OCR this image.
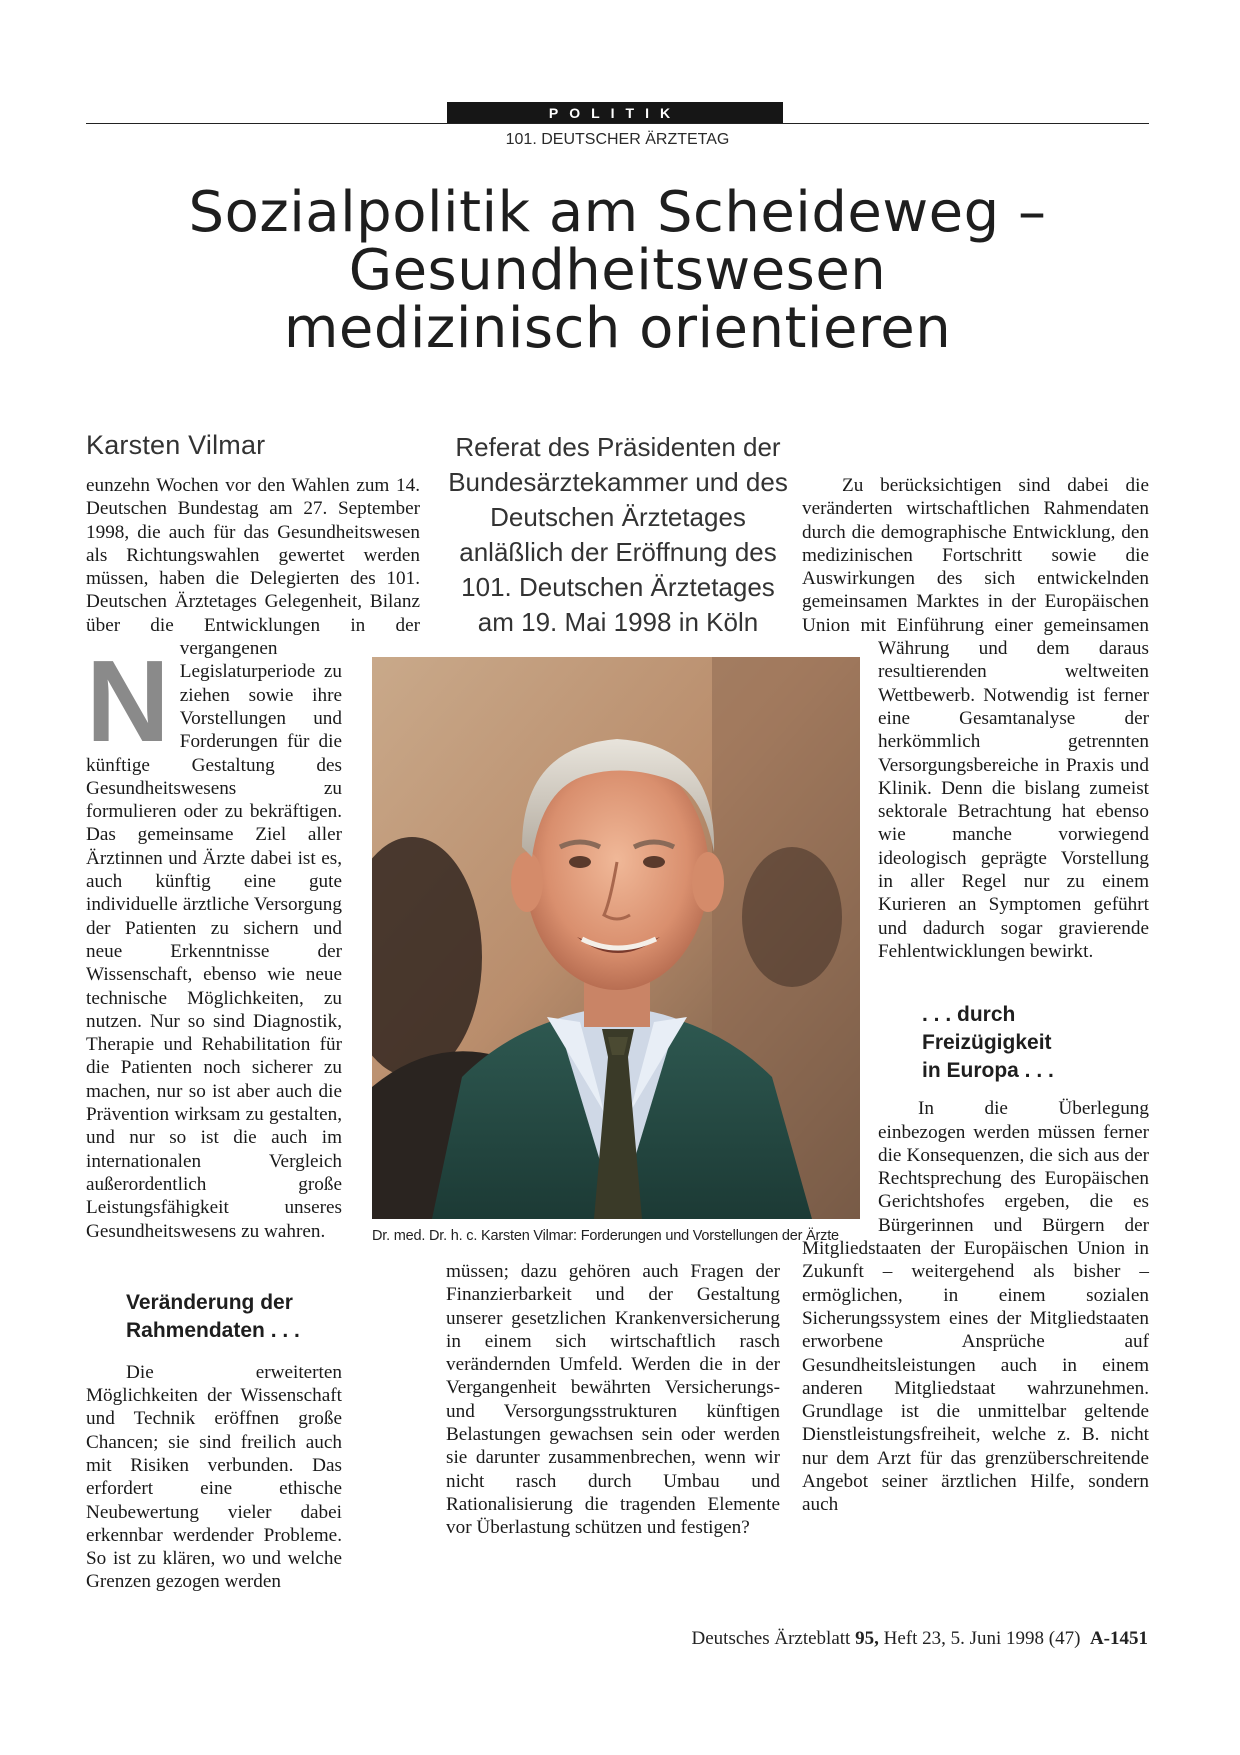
POLITIK
101. DEUTSCHER ÄRZTETAG
Sozialpolitik am Scheideweg –
Gesundheitswesen
medizinisch orientieren
Karsten Vilmar	Referat des Präsidenten der
Bundesärztekammer und des
Deutschen Ärztetages
anläßlich der Eröffnung des
101. Deutschen Ärztetages
am 19. Mai 1998 in Köln
N

eunzehn Wochen vor den Wahlen zum 14. Deutschen Bundestag am 27. September 1998, die auch für das Gesundheitswesen als Richtungswahlen gewertet werden müssen, haben die Delegierten des 101. Deutschen Ärztetages Gelegenheit, Bilanz über die Entwicklungen in der vergangenen Legislaturperiode zu ziehen sowie ihre Vorstellungen und Forderungen für die künftige Gestaltung des Gesundheitswesens zu formulieren oder zu bekräftigen. Das gemeinsame Ziel aller Ärztinnen und Ärzte dabei ist es, auch künftig eine gute individuelle ärztliche Versorgung der Patienten zu sichern und neue Erkenntnisse der Wissenschaft, ebenso wie neue technische Möglichkeiten, zu nutzen. Nur so sind Diagnostik, Therapie und Rehabilitation für die Patienten noch sicherer zu machen, nur so ist aber auch die Prävention wirksam zu gestalten, und nur so ist die auch im internationalen Vergleich außerordentlich große Leistungsfähigkeit unseres Gesundheitswesens zu wahren.

Veränderung der
Rahmendaten . . .

Die erweiterten Möglichkeiten der Wissenschaft und Technik eröffnen große Chancen; sie sind freilich auch mit Risiken verbunden. Das erfordert eine ethische Neubewertung vieler dabei erkennbar werdender Probleme. So ist zu klären, wo und welche Grenzen gezogen werden

müssen; dazu gehören auch Fragen der Finanzierbarkeit und der Gestaltung unserer gesetzlichen Krankenversicherung in einem sich wirtschaftlich rasch verändernden Umfeld. Werden die in der Vergangenheit bewährten Versicherungs- und Versorgungsstrukturen künftigen Belastungen gewachsen sein oder werden sie darunter zusammenbrechen, wenn wir nicht rasch durch Umbau und Rationalisierung die tragenden Elemente vor Überlastung schützen und festigen?

Zu berücksichtigen sind dabei die veränderten wirtschaftlichen Rahmendaten durch die demographische Entwicklung, den medizinischen Fortschritt sowie die Auswirkungen des sich entwickelnden gemeinsamen Marktes in der Europäischen Union mit Einführung einer gemeinsamen Währung und dem daraus resultierenden weltweiten Wettbewerb. Notwendig ist ferner eine Gesamtanalyse der herkömmlich getrennten Versorgungsbereiche in Praxis und Klinik. Denn die bislang zumeist sektorale Betrachtung hat ebenso wie manche vorwiegend ideologisch geprägte Vorstellung in aller Regel nur zu einem Kurieren an Symptomen geführt und dadurch sogar gravierende Fehlentwicklungen bewirkt.

. . . durch
Freizügigkeit
in Europa . . .

In die Überlegung einbezogen werden müssen ferner die Konsequenzen, die sich aus der Rechtsprechung des Europäischen Gerichtshofes ergeben, die es Bürgerinnen und Bürgern der Mitgliedstaaten der Europäischen Union in Zukunft – weitergehend als bisher – ermöglichen, in einem sozialen Sicherungssystem eines der Mitgliedstaaten erworbene Ansprüche auf Gesundheitsleistungen auch in einem anderen Mitgliedstaat wahrzunehmen. Grundlage ist die unmittelbar geltende Dienstleistungsfreiheit, welche z. B. nicht nur dem Arzt für das grenzüberschreitende Angebot seiner ärztlichen Hilfe, sondern auch

Dr. med. Dr. h. c. Karsten Vilmar: Forderungen und Vorstellungen der Ärzte
Deutsches Ärzteblatt 95, Heft 23, 5. Juni 1998 (47) A-1451
